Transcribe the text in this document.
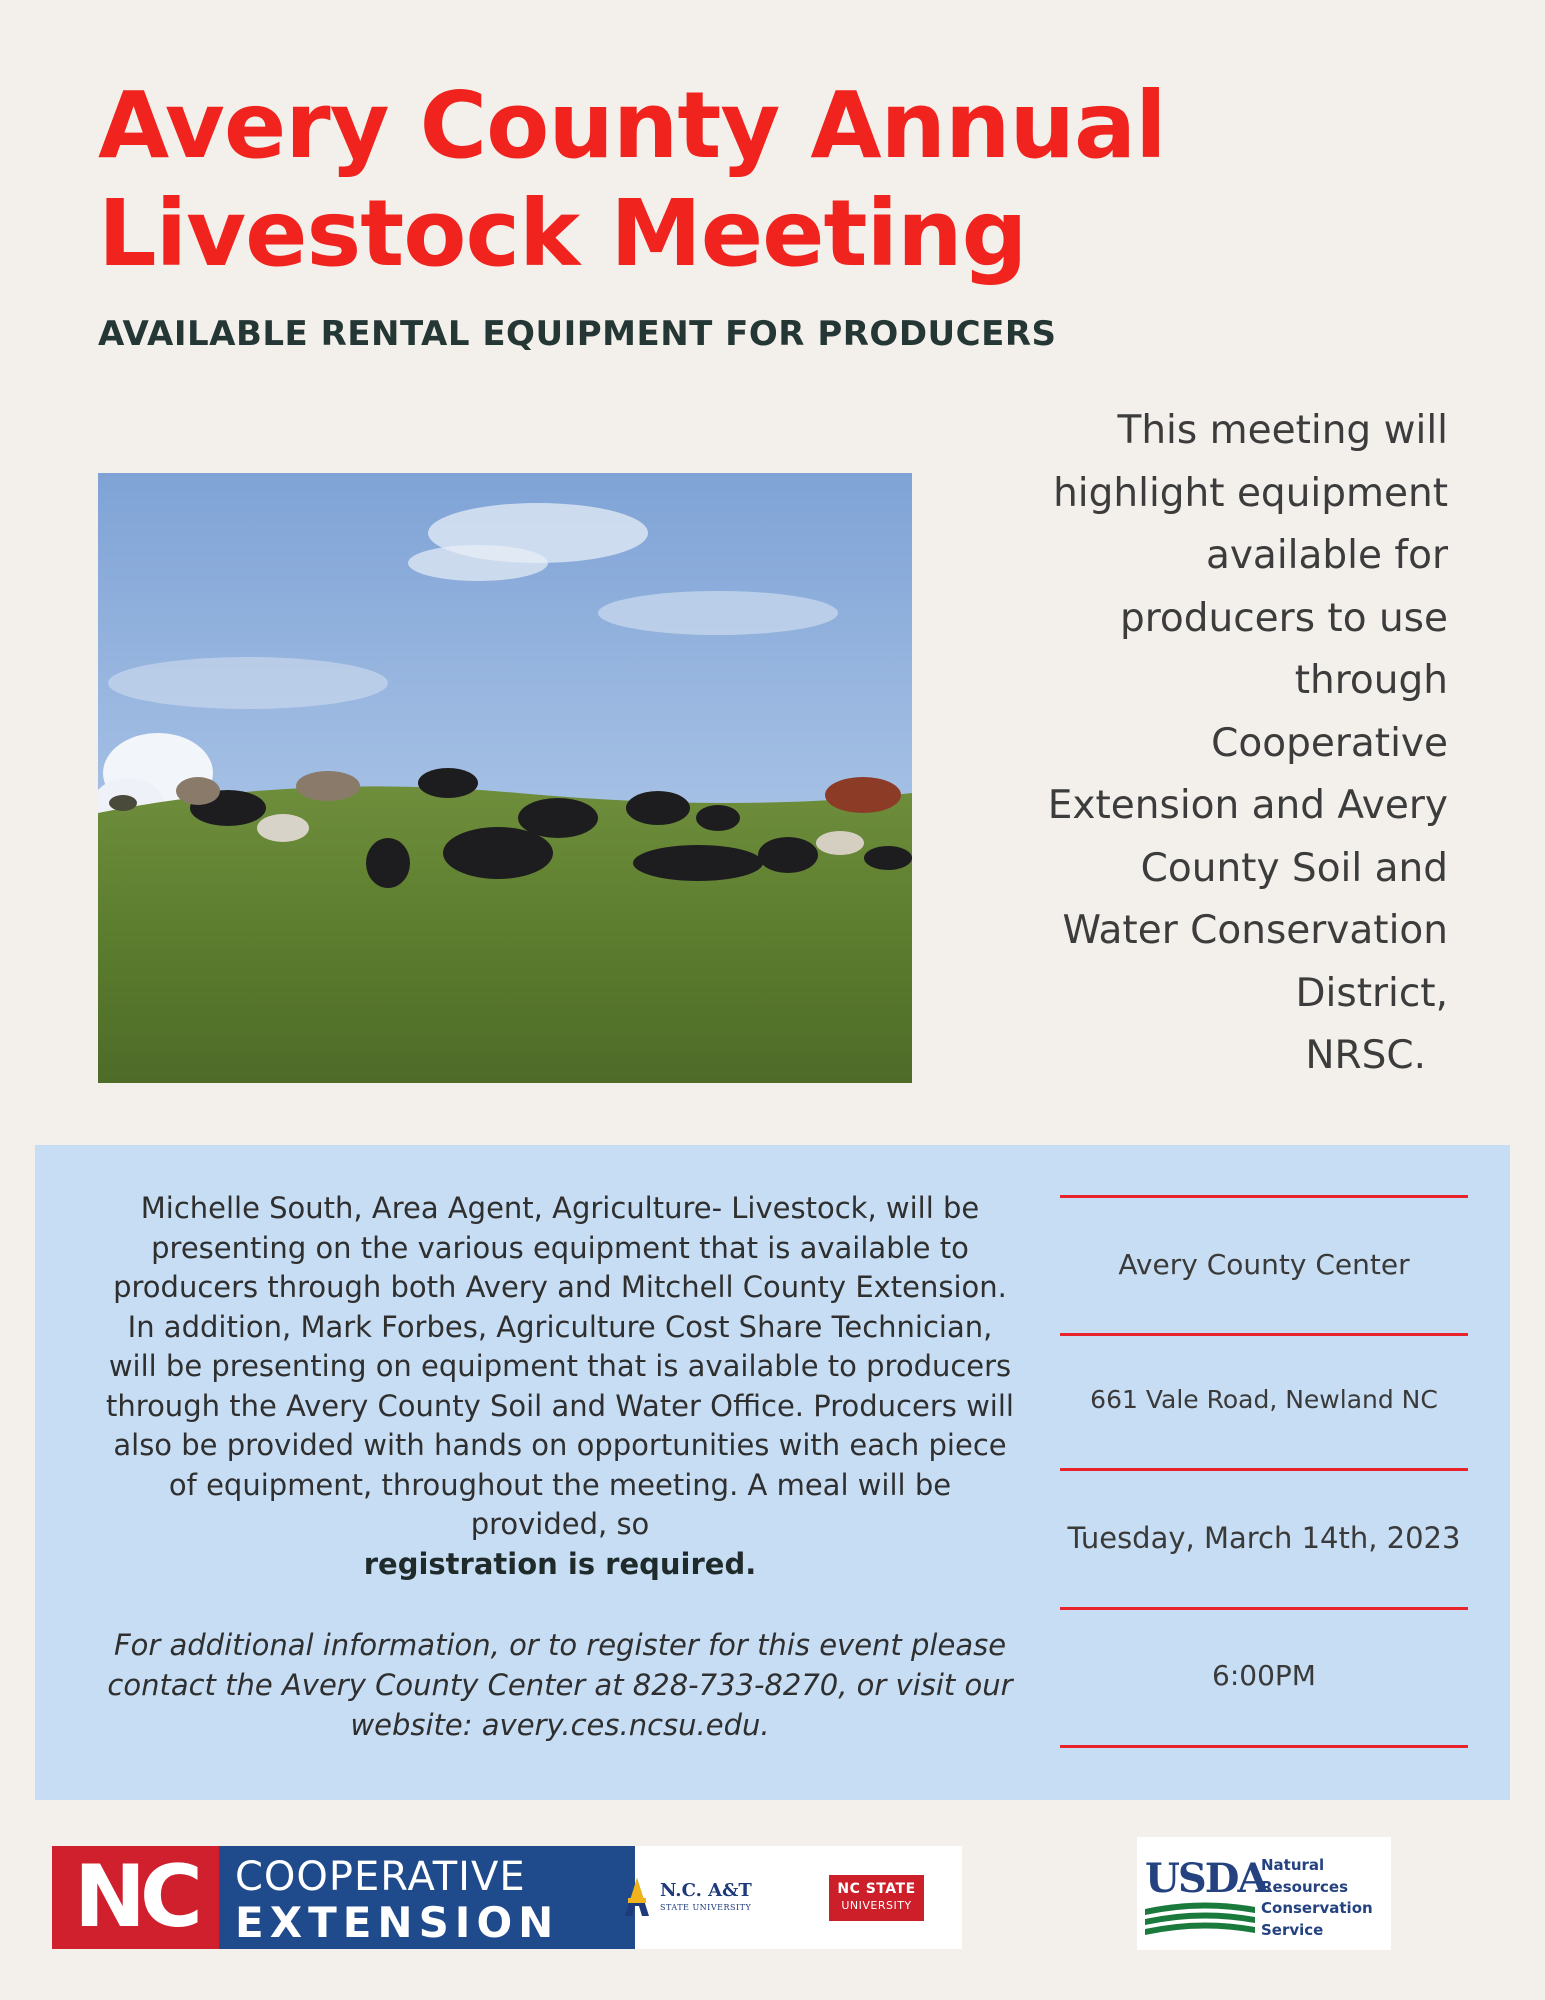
Avery County Annual
Livestock Meeting
AVAILABLE RENTAL EQUIPMENT FOR PRODUCERS
This meeting will
highlight equipment
available for
producers to use
through
Cooperative
Extension and Avery
County Soil and
Water Conservation
District,
NRSC.
Michelle South, Area Agent, Agriculture- Livestock, will be presenting on the various equipment that is available to producers through both Avery and Mitchell County Extension. In addition, Mark Forbes, Agriculture Cost Share Technician, will be presenting on equipment that is available to producers through the Avery County Soil and Water Office. Producers will also be provided with hands on opportunities with each piece of equipment, throughout the meeting. A meal will be provided, so
registration is required.
For additional information, or to register for this event please contact the Avery County Center at 828-733-8270, or visit our website: avery.ces.ncsu.edu.
Avery County Center
661 Vale Road, Newland NC
Tuesday, March 14th, 2023
6:00PM
NC COOPERATIVE
EXTENSION
N.C. A&T
STATE UNIVERSITY
NC STATE
UNIVERSITY
USDA
Natural
Resources
Conservation
Service
